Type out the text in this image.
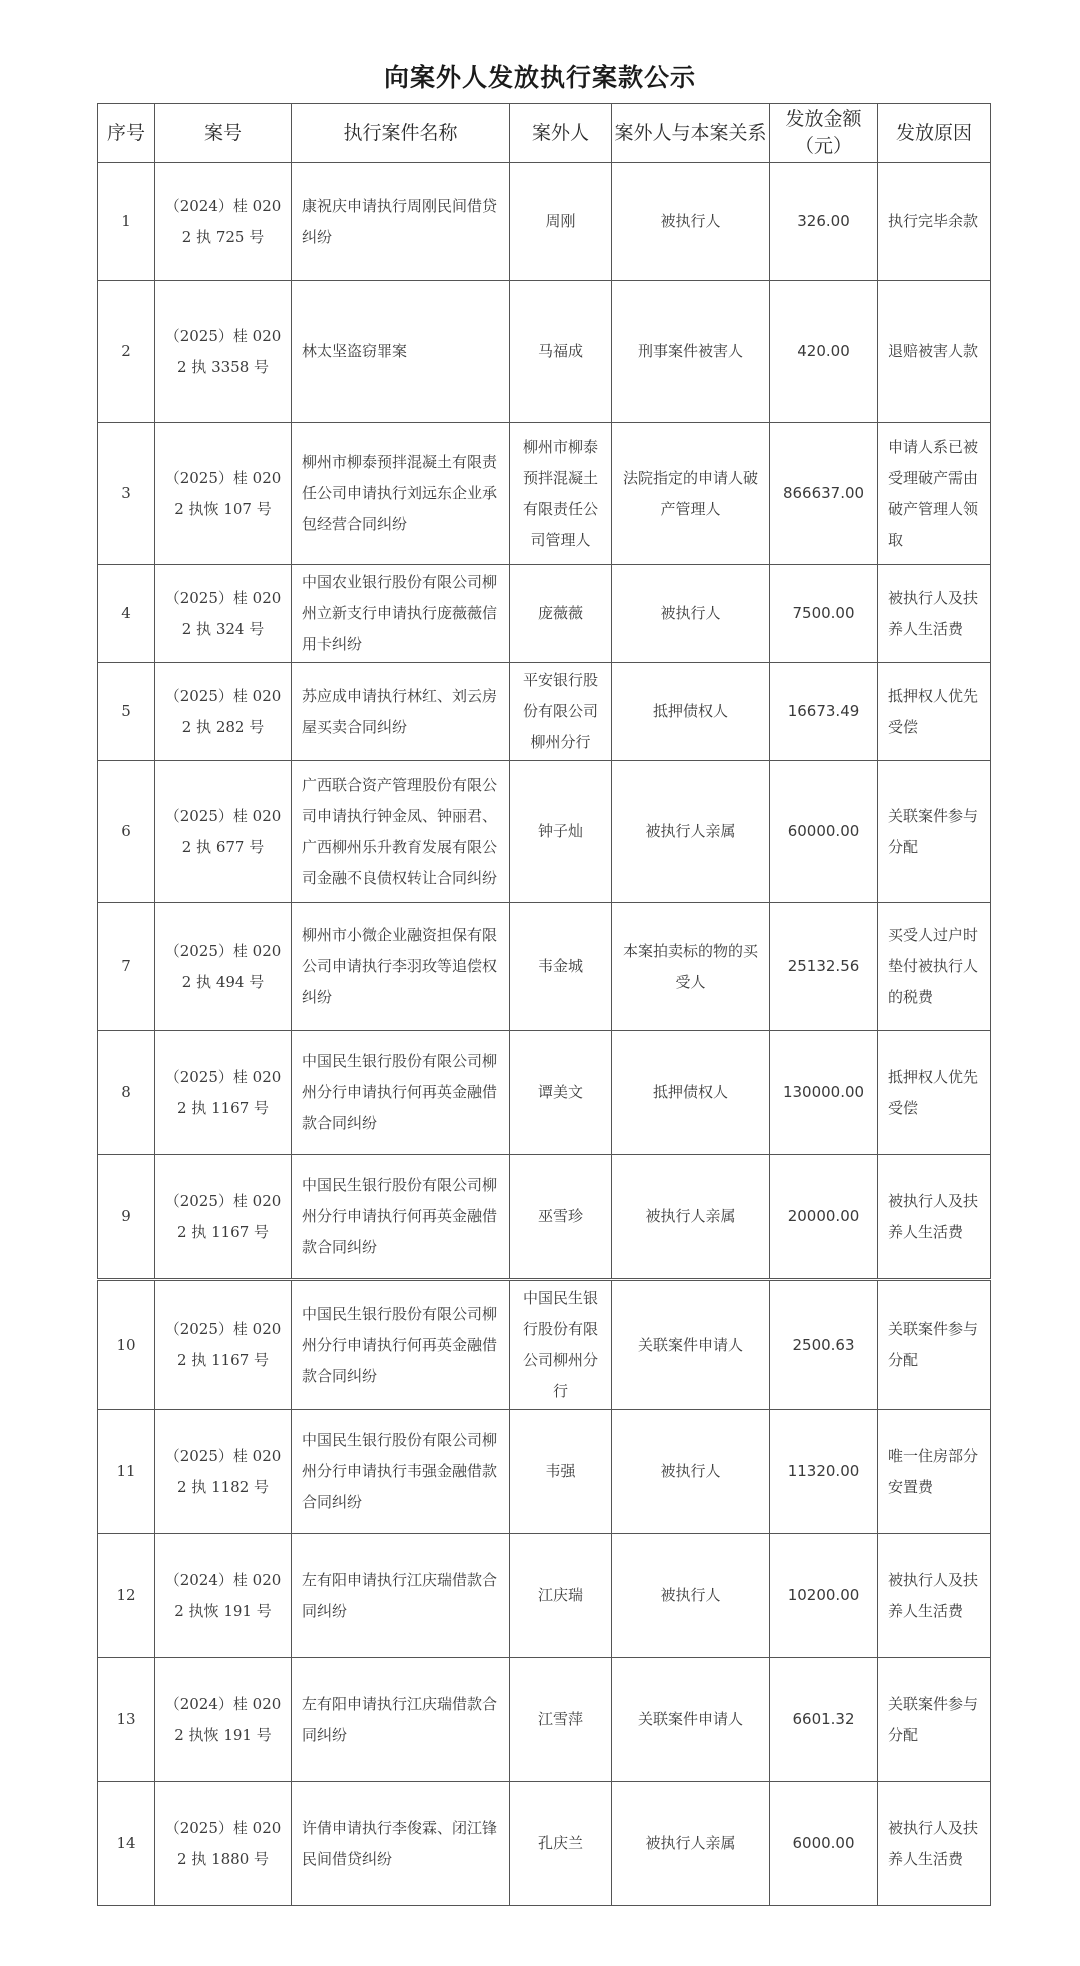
向案外人发放执行案款公示
序号	案号	执行案件名称	案外人	案外人与本案关系	发放金额（元）	发放原因
1	（2024）桂 0202 执 725 号	康祝庆申请执行周刚民间借贷纠纷	周刚	被执行人	326.00	执行完毕余款
2	（2025）桂 0202 执 3358 号	林太坚盗窃罪案	马福成	刑事案件被害人	420.00	退赔被害人款
3	（2025）桂 0202 执恢 107 号	柳州市柳泰预拌混凝土有限责任公司申请执行刘远东企业承包经营合同纠纷	柳州市柳泰预拌混凝土有限责任公司管理人	法院指定的申请人破产管理人	866637.00	申请人系已被受理破产需由破产管理人领取
4	（2025）桂 0202 执 324 号	中国农业银行股份有限公司柳州立新支行申请执行庞薇薇信用卡纠纷	庞薇薇	被执行人	7500.00	被执行人及扶养人生活费
5	（2025）桂 0202 执 282 号	苏应成申请执行林红、刘云房屋买卖合同纠纷	平安银行股份有限公司柳州分行	抵押债权人	16673.49	抵押权人优先受偿
6	（2025）桂 0202 执 677 号	广西联合资产管理股份有限公司申请执行钟金凤、钟丽君、广西柳州乐升教育发展有限公司金融不良债权转让合同纠纷	钟子灿	被执行人亲属	60000.00	关联案件参与分配
7	（2025）桂 0202 执 494 号	柳州市小微企业融资担保有限公司申请执行李羽玫等追偿权纠纷	韦金城	本案拍卖标的物的买受人	25132.56	买受人过户时垫付被执行人的税费
8	（2025）桂 0202 执 1167 号	中国民生银行股份有限公司柳州分行申请执行何再英金融借款合同纠纷	谭美文	抵押债权人	130000.00	抵押权人优先受偿
9	（2025）桂 0202 执 1167 号	中国民生银行股份有限公司柳州分行申请执行何再英金融借款合同纠纷	巫雪珍	被执行人亲属	20000.00	被执行人及扶养人生活费
10	（2025）桂 0202 执 1167 号	中国民生银行股份有限公司柳州分行申请执行何再英金融借款合同纠纷	中国民生银行股份有限公司柳州分行	关联案件申请人	2500.63	关联案件参与分配
11	（2025）桂 0202 执 1182 号	中国民生银行股份有限公司柳州分行申请执行韦强金融借款合同纠纷	韦强	被执行人	11320.00	唯一住房部分安置费
12	（2024）桂 0202 执恢 191 号	左有阳申请执行江庆瑞借款合同纠纷	江庆瑞	被执行人	10200.00	被执行人及扶养人生活费
13	（2024）桂 0202 执恢 191 号	左有阳申请执行江庆瑞借款合同纠纷	江雪萍	关联案件申请人	6601.32	关联案件参与分配
14	（2025）桂 0202 执 1880 号	许倩申请执行李俊霖、闭江锋民间借贷纠纷	孔庆兰	被执行人亲属	6000.00	被执行人及扶养人生活费
